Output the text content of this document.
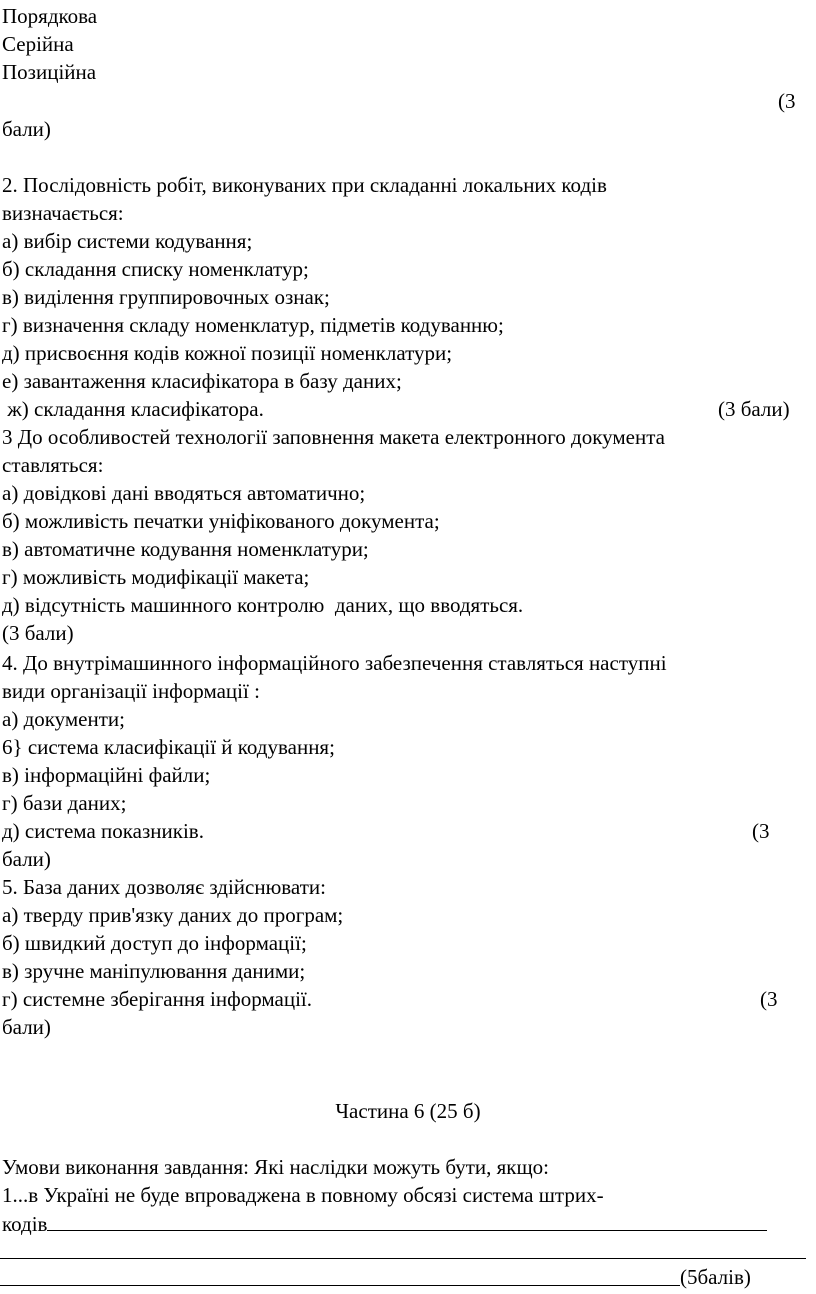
Порядкова
Серійна
Позиційна
(3
бали)
2. Послідовність робіт, виконуваних при складанні локальних кодів
визначається:
а) вибір системи кодування;
б) складання списку номенклатур;
в) виділення группировочных ознак;
г) визначення складу номенклатур, підметів кодуванню;
д) присвоєння кодів кожної позиції номенклатури;
е) завантаження класифікатора в базу даних;
ж) складання класифікатора.	(3 бали)
3 До особливостей технології заповнення макета електронного документа
ставляться:
а) довідкові дані вводяться автоматично;
б) можливість печатки уніфікованого документа;
в) автоматичне кодування номенклатури;
г) можливість модифікації макета;
д) відсутність машинного контролю  даних, що вводяться.
(3 бали)
4. До внутрімашинного інформаційного забезпечення ставляться наступні
види організації інформації :
а) документи;
6} система класифікації й кодування;
в) інформаційні файли;
г) бази даних;
д) система показників.	(3
бали)
5. База даних дозволяє здійснювати:
а) тверду прив'язку даних до програм;
б) швидкий доступ до інформації;
в) зручне маніпулювання даними;
г) системне зберігання інформації.	(3
бали)
Частина 6 (25 б)
Умови виконання завдання: Які наслідки можуть бути, якщо:
1...в Україні не буде впроваджена в повному обсязі система штрих-
кодів
(5балів)
